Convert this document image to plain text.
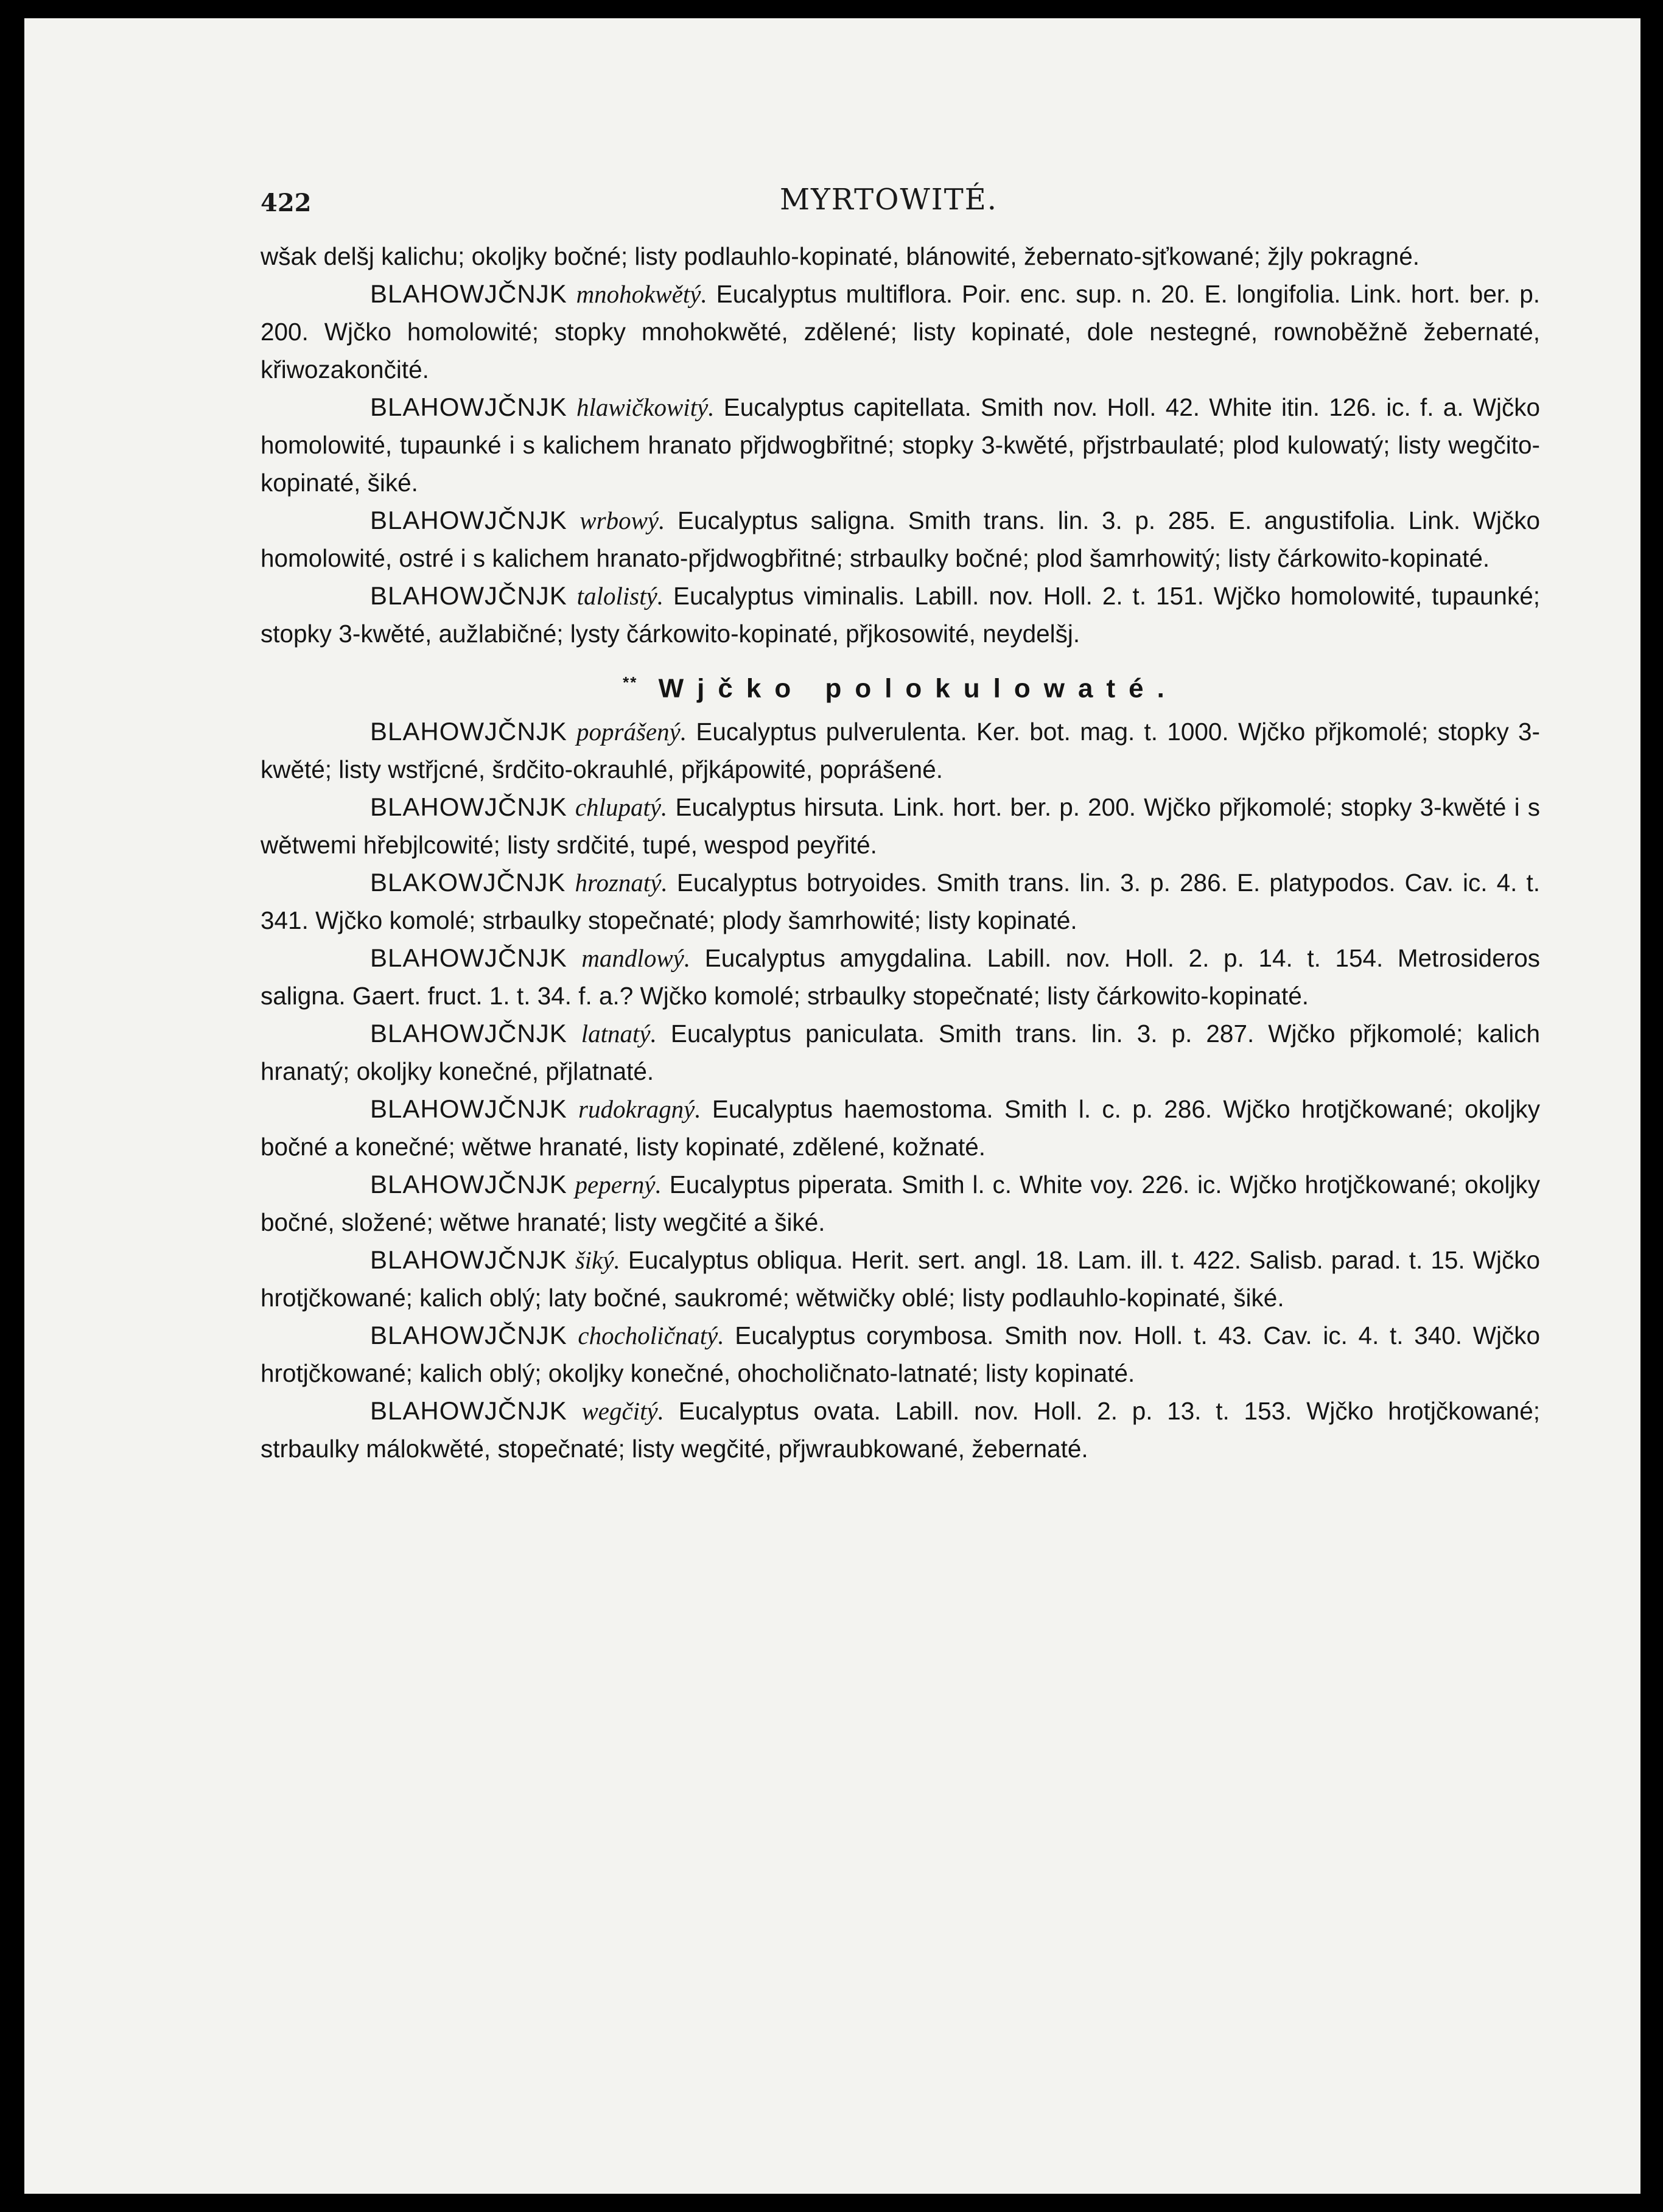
422	MYRTOWITÉ.

wšak delšj kalichu; okoljky bočné; listy podlauhlo-kopinaté, blánowité, žebernato-sjťkowané; žjly pokragné.

BLAHOWJČNJK mnohokwětý. Eucalyptus multiflora. Poir. enc. sup. n. 20. E. longifolia. Link. hort. ber. p. 200. Wjčko homolowité; stopky mnohokwěté, zdělené; listy kopinaté, dole nestegné, rownoběžně žebernaté, křiwozakončité.

BLAHOWJČNJK hlawičkowitý. Eucalyptus capitellata. Smith nov. Holl. 42. White itin. 126. ic. f. a. Wjčko homolowité, tupaunké i s kalichem hranato přjdwogbřitné; stopky 3-kwěté, přjstrbaulaté; plod kulowatý; listy wegčito-kopinaté, šiké.

BLAHOWJČNJK wrbowý. Eucalyptus saligna. Smith trans. lin. 3. p. 285. E. angustifolia. Link. Wjčko homolowité, ostré i s kalichem hranato-přjdwogbřitné; strbaulky bočné; plod šamrhowitý; listy čárkowito-kopinaté.

BLAHOWJČNJK talolistý. Eucalyptus viminalis. Labill. nov. Holl. 2. t. 151. Wjčko homolowité, tupaunké; stopky 3-kwěté, aužlabičné; lysty čárkowito-kopinaté, přjkosowité, neydelšj.

** Wjčko polokulowaté.

BLAHOWJČNJK poprášený. Eucalyptus pulverulenta. Ker. bot. mag. t. 1000. Wjčko přjkomolé; stopky 3-kwěté; listy wstřjcné, šrdčito-okrauhlé, přjkápowité, poprášené.

BLAHOWJČNJK chlupatý. Eucalyptus hirsuta. Link. hort. ber. p. 200. Wjčko přjkomolé; stopky 3-kwěté i s wětwemi hřebjlcowité; listy srdčité, tupé, wespod peyřité.

BLAKOWJČNJK hroznatý. Eucalyptus botryoides. Smith trans. lin. 3. p. 286. E. platypodos. Cav. ic. 4. t. 341. Wjčko komolé; strbaulky stopečnaté; plody šamrhowité; listy kopinaté.

BLAHOWJČNJK mandlowý. Eucalyptus amygdalina. Labill. nov. Holl. 2. p. 14. t. 154. Metrosideros saligna. Gaert. fruct. 1. t. 34. f. a.? Wjčko komolé; strbaulky stopečnaté; listy čárkowito-kopinaté.

BLAHOWJČNJK latnatý. Eucalyptus paniculata. Smith trans. lin. 3. p. 287. Wjčko přjkomolé; kalich hranatý; okoljky konečné, přjlatnaté.

BLAHOWJČNJK rudokragný. Eucalyptus haemostoma. Smith l. c. p. 286. Wjčko hrotjčkowané; okoljky bočné a konečné; wětwe hranaté, listy kopinaté, zdělené, kožnaté.

BLAHOWJČNJK peperný. Eucalyptus piperata. Smith l. c. White voy. 226. ic. Wjčko hrotjčkowané; okoljky bočné, složené; wětwe hranaté; listy wegčité a šiké.

BLAHOWJČNJK šiký. Eucalyptus obliqua. Herit. sert. angl. 18. Lam. ill. t. 422. Salisb. parad. t. 15. Wjčko hrotjčkowané; kalich oblý; laty bočné, saukromé; wětwičky oblé; listy podlauhlo-kopinaté, šiké.

BLAHOWJČNJK chocholičnatý. Eucalyptus corymbosa. Smith nov. Holl. t. 43. Cav. ic. 4. t. 340. Wjčko hrotjčkowané; kalich oblý; okoljky konečné, ohocholičnato-latnaté; listy kopinaté.

BLAHOWJČNJK wegčitý. Eucalyptus ovata. Labill. nov. Holl. 2. p. 13. t. 153. Wjčko hrotjčkowané; strbaulky málokwěté, stopečnaté; listy wegčité, přjwraubkowané, žebernaté.
